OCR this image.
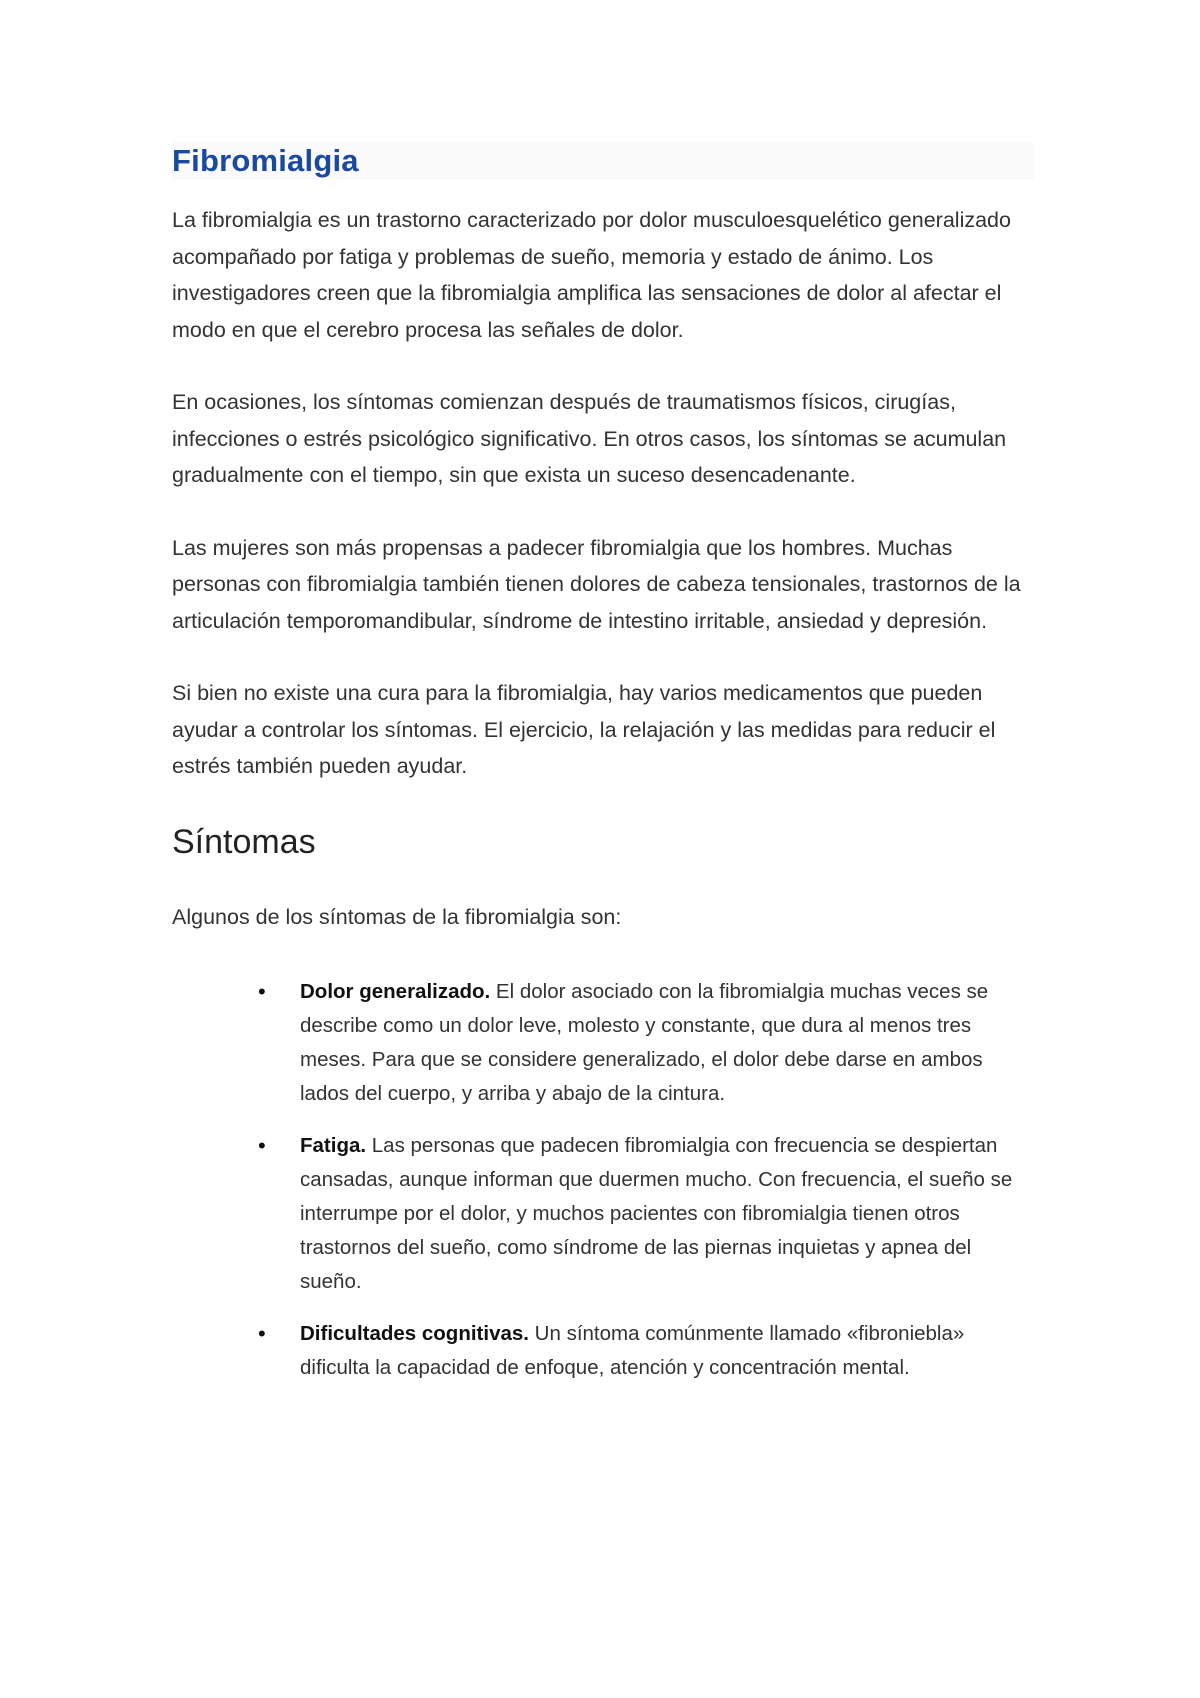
Fibromialgia

La fibromialgia es un trastorno caracterizado por dolor musculoesquelético generalizado acompañado por fatiga y problemas de sueño, memoria y estado de ánimo. Los investigadores creen que la fibromialgia amplifica las sensaciones de dolor al afectar el modo en que el cerebro procesa las señales de dolor.

En ocasiones, los síntomas comienzan después de traumatismos físicos, cirugías, infecciones o estrés psicológico significativo. En otros casos, los síntomas se acumulan gradualmente con el tiempo, sin que exista un suceso desencadenante.

Las mujeres son más propensas a padecer fibromialgia que los hombres. Muchas personas con fibromialgia también tienen dolores de cabeza tensionales, trastornos de la articulación temporomandibular, síndrome de intestino irritable, ansiedad y depresión.

Si bien no existe una cura para la fibromialgia, hay varios medicamentos que pueden ayudar a controlar los síntomas. El ejercicio, la relajación y las medidas para reducir el estrés también pueden ayudar.

Síntomas

Algunos de los síntomas de la fibromialgia son:

• Dolor generalizado. El dolor asociado con la fibromialgia muchas veces se describe como un dolor leve, molesto y constante, que dura al menos tres meses. Para que se considere generalizado, el dolor debe darse en ambos lados del cuerpo, y arriba y abajo de la cintura.
• Fatiga. Las personas que padecen fibromialgia con frecuencia se despiertan cansadas, aunque informan que duermen mucho. Con frecuencia, el sueño se interrumpe por el dolor, y muchos pacientes con fibromialgia tienen otros trastornos del sueño, como síndrome de las piernas inquietas y apnea del sueño.
• Dificultades cognitivas. Un síntoma comúnmente llamado «fibroniebla» dificulta la capacidad de enfoque, atención y concentración mental.
